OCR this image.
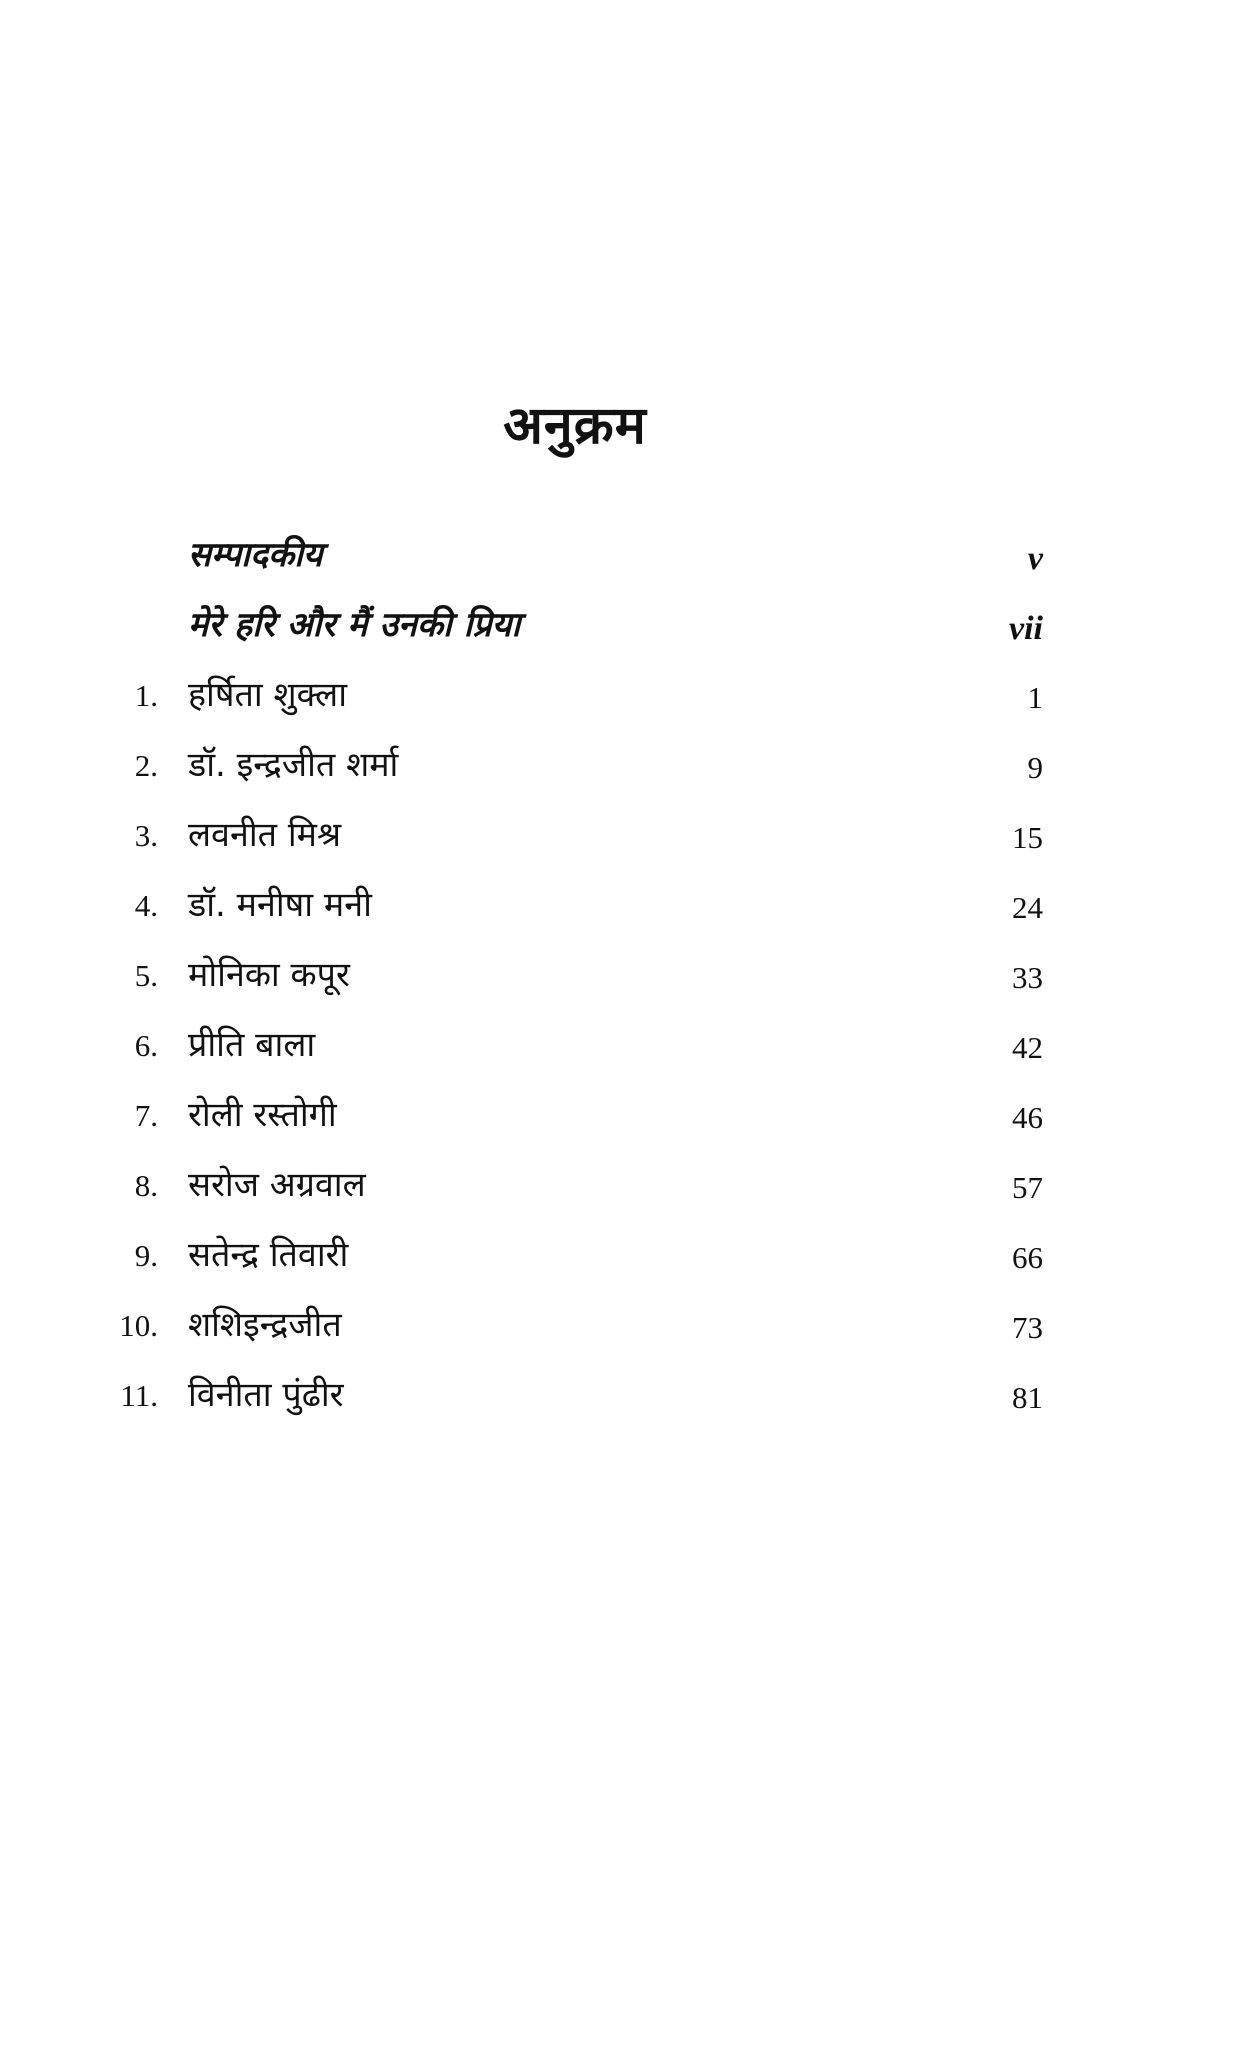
अनुक्रम
सम्पादकीय	v
मेरे हरि और मैं उनकी प्रिया	vii
1. हर्षिता शुक्ला	1
2. डॉ. इन्द्रजीत शर्मा	9
3. लवनीत मिश्र	15
4. डॉ. मनीषा मनी	24
5. मोनिका कपूर	33
6. प्रीति बाला	42
7. रोली रस्तोगी	46
8. सरोज अग्रवाल	57
9. सतेन्द्र तिवारी	66
10. शशिइन्द्रजीत	73
11. विनीता पुंढीर	81
